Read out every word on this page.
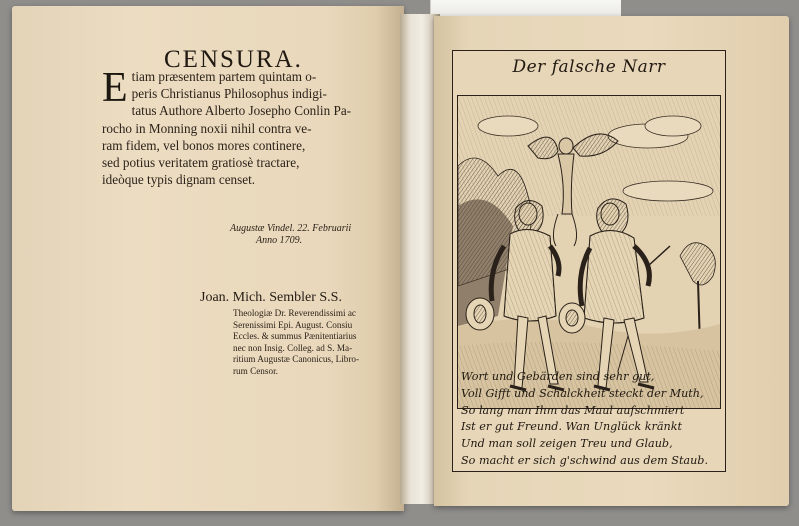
CENSURA.
E tiam præsentem partem quintam o-
peris Christianus Philosophus indigi-
tatus Authore Alberto Josepho Conlin Pa-
rocho in Monning noxii nihil contra ve-
ram fidem, vel bonos mores continere,
sed potius veritatem gratiosè tractare,
ideòque typis dignam censet.
Augustæ Vindel. 22. Februarii
Anno 1709.
Joan. Mich. Sembler S.S.
Theologiæ Dr. Reverendissimi ac
Serenissimi Epi. August. Consiu
Eccles. & summus Pænitentiarius
nec non Insig. Colleg. ad S. Ma-
ritium Augustæ Canonicus, Libro-
rum Censor.
Der falsche Narr
Wort und Gebärden sind sehr gut,
Voll Gifft und Schalckheit steckt der Muth,
So lang man Ihm das Maul aufschmiert
Ist er gut Freund. Wan Unglück kränkt
Und man soll zeigen Treu und Glaub,
So macht er sich g'schwind aus dem Staub.
